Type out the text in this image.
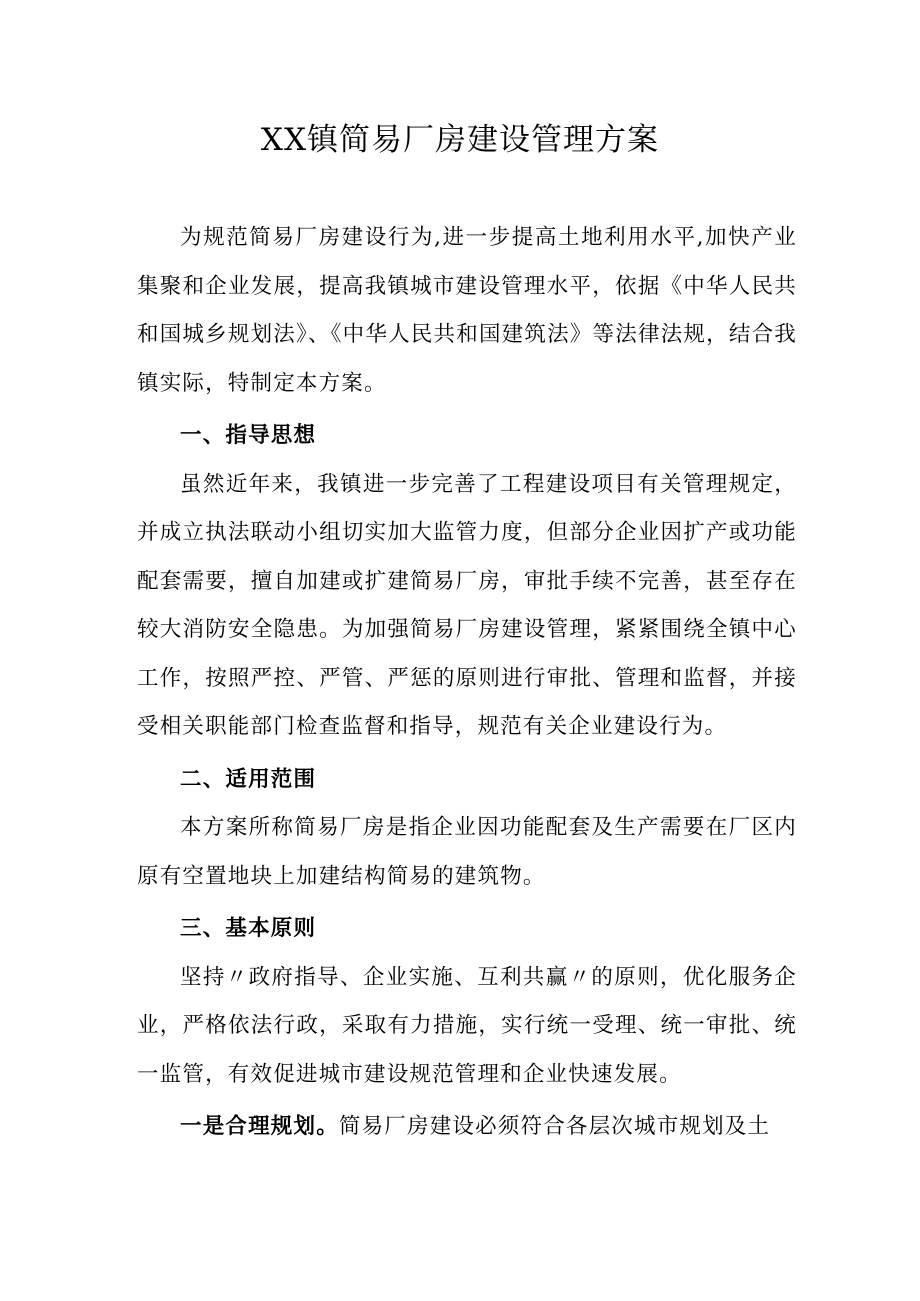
XX镇简易厂房建设管理方案

为规范简易厂房建设行为,进一步提高土地利用水平,加快产业集聚和企业发展，提高我镇城市建设管理水平，依据《中华人民共和国城乡规划法》、《中华人民共和国建筑法》等法律法规，结合我镇实际，特制定本方案。

一、指导思想

虽然近年来，我镇进一步完善了工程建设项目有关管理规定，并成立执法联动小组切实加大监管力度，但部分企业因扩产或功能配套需要，擅自加建或扩建简易厂房，审批手续不完善，甚至存在较大消防安全隐患。为加强简易厂房建设管理，紧紧围绕全镇中心工作，按照严控、严管、严惩的原则进行审批、管理和监督，并接受相关职能部门检查监督和指导，规范有关企业建设行为。

二、适用范围

本方案所称简易厂房是指企业因功能配套及生产需要在厂区内原有空置地块上加建结构简易的建筑物。

三、基本原则

坚持〃政府指导、企业实施、互利共赢〃的原则，优化服务企业，严格依法行政，采取有力措施，实行统一受理、统一审批、统一监管，有效促进城市建设规范管理和企业快速发展。

一是合理规划。简易厂房建设必须符合各层次城市规划及土
